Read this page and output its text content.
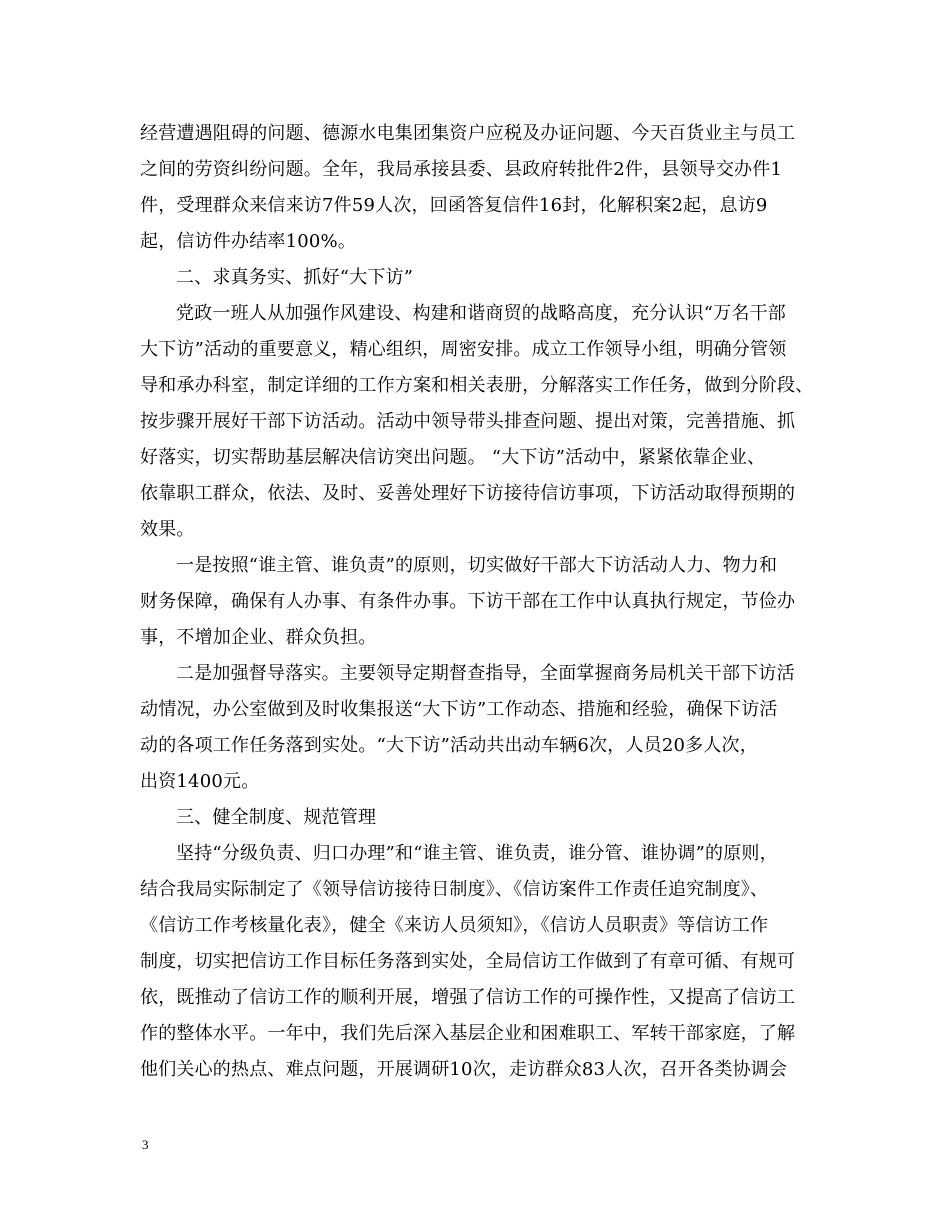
经营遭遇阻碍的问题、德源水电集团集资户应税及办证问题、今天百货业主与员工
之间的劳资纠纷问题。全年，我局承接县委、县政府转批件2件，县领导交办件1
件，受理群众来信来访7件59人次，回函答复信件16封，化解积案2起，息访9
起，信访件办结率100%。
二、求真务实、抓好“大下访”
党政一班人从加强作风建设、构建和谐商贸的战略高度，充分认识“万名干部
大下访”活动的重要意义，精心组织，周密安排。成立工作领导小组，明确分管领
导和承办科室，制定详细的工作方案和相关表册，分解落实工作任务，做到分阶段、
按步骤开展好干部下访活动。活动中领导带头排查问题、提出对策，完善措施、抓
好落实，切实帮助基层解决信访突出问题。 “大下访”活动中，紧紧依靠企业、
依靠职工群众，依法、及时、妥善处理好下访接待信访事项，下访活动取得预期的
效果。
一是按照“谁主管、谁负责”的原则，切实做好干部大下访活动人力、物力和
财务保障，确保有人办事、有条件办事。下访干部在工作中认真执行规定，节俭办
事，不增加企业、群众负担。
二是加强督导落实。主要领导定期督查指导，全面掌握商务局机关干部下访活
动情况，办公室做到及时收集报送“大下访”工作动态、措施和经验，确保下访活
动的各项工作任务落到实处。“大下访”活动共出动车辆6次，人员20多人次，
出资1400元。
三、健全制度、规范管理
坚持“分级负责、归口办理”和“谁主管、谁负责，谁分管、谁协调”的原则，
结合我局实际制定了《领导信访接待日制度》、《信访案件工作责任追究制度》、
《信访工作考核量化表》，健全《来访人员须知》，《信访人员职责》等信访工作
制度，切实把信访工作目标任务落到实处，全局信访工作做到了有章可循、有规可
依，既推动了信访工作的顺利开展，增强了信访工作的可操作性，又提高了信访工
作的整体水平。一年中，我们先后深入基层企业和困难职工、军转干部家庭，了解
他们关心的热点、难点问题，开展调研10次，走访群众83人次，召开各类协调会
3
